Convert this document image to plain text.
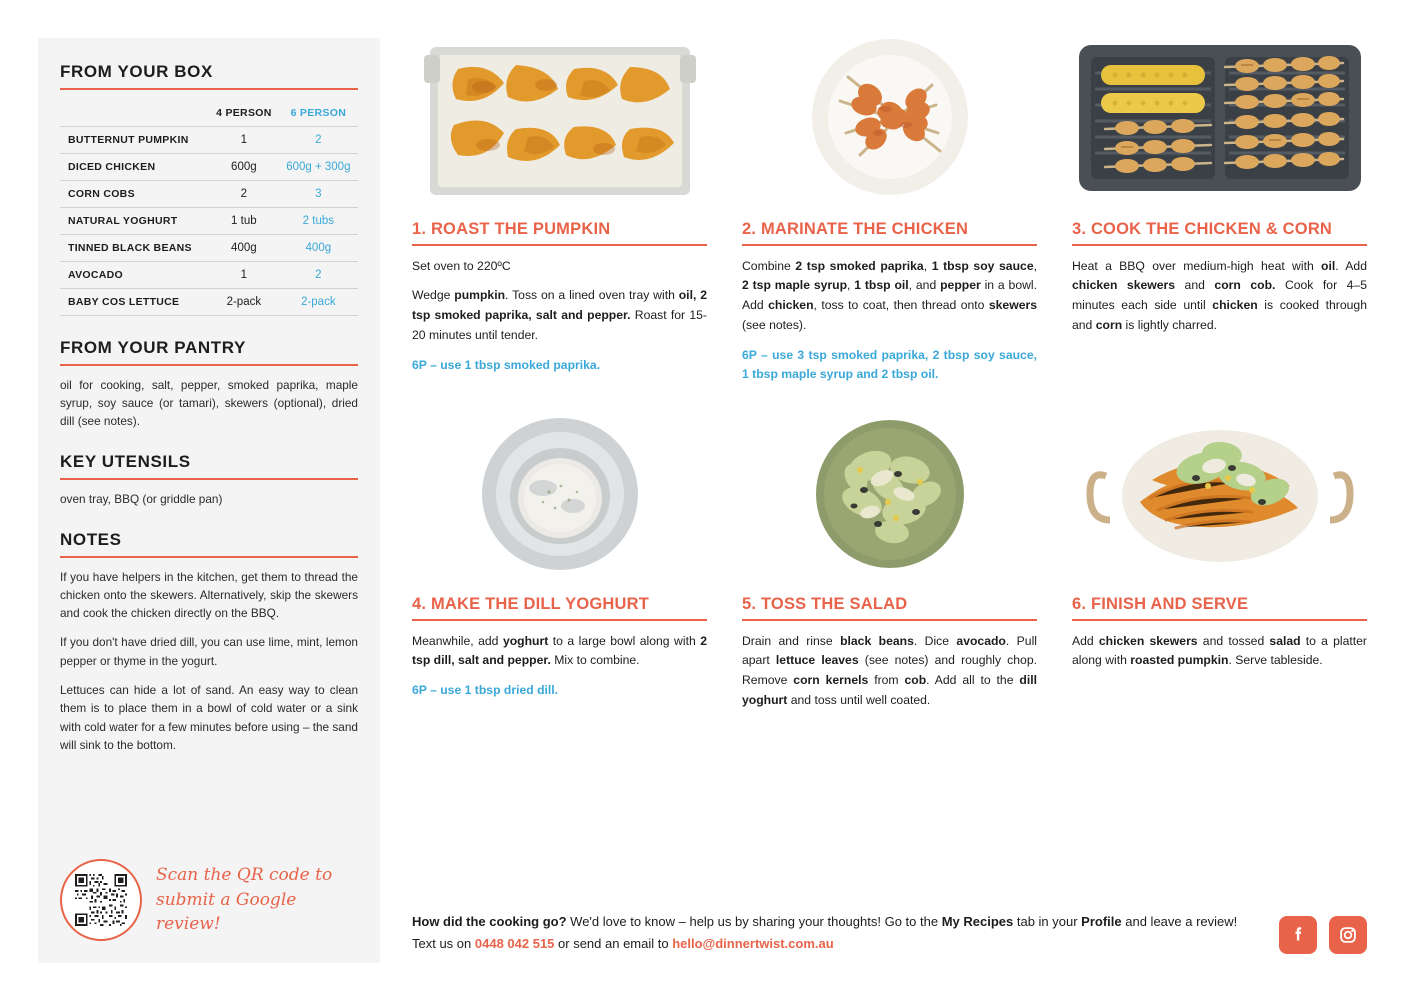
FROM YOUR BOX
	4 PERSON	6 PERSON
BUTTERNUT PUMPKIN	1	2
DICED CHICKEN	600g	600g + 300g
CORN COBS	2	3
NATURAL YOGHURT	1 tub	2 tubs
TINNED BLACK BEANS	400g	400g
AVOCADO	1	2
BABY COS LETTUCE	2-pack	2-pack
FROM YOUR PANTRY

oil for cooking, salt, pepper, smoked paprika, maple syrup, soy sauce (or tamari), skewers (optional), dried dill (see notes).

KEY UTENSILS

oven tray, BBQ (or griddle pan)

NOTES

If you have helpers in the kitchen, get them to thread the chicken onto the skewers. Alternatively, skip the skewers and cook the chicken directly on the BBQ.

If you don't have dried dill, you can use lime, mint, lemon pepper or thyme in the yogurt.

Lettuces can hide a lot of sand. An easy way to clean them is to place them in a bowl of cold water or a sink with cold water for a few minutes before using – the sand will sink to the bottom.

Scan the QR code to
submit a Google review!
1. ROAST THE PUMPKIN

Set oven to 220ºC

Wedge pumpkin. Toss on a lined oven tray with oil, 2 tsp smoked paprika, salt and pepper. Roast for 15-20 minutes until tender.

6P – use 1 tbsp smoked paprika.
2. MARINATE THE CHICKEN

Combine 2 tsp smoked paprika, 1 tbsp soy sauce, 2 tsp maple syrup, 1 tbsp oil, and pepper in a bowl. Add chicken, toss to coat, then thread onto skewers (see notes).

6P – use 3 tsp smoked paprika, 2 tbsp soy sauce, 1 tbsp maple syrup and 2 tbsp oil.
3. COOK THE CHICKEN & CORN

Heat a BBQ over medium-high heat with oil. Add chicken skewers and corn cob. Cook for 4–5 minutes each side until chicken is cooked through and corn is lightly charred.

4. MAKE THE DILL YOGHURT

Meanwhile, add yoghurt to a large bowl along with 2 tsp dill, salt and pepper. Mix to combine.

6P – use 1 tbsp dried dill.
5. TOSS THE SALAD

Drain and rinse black beans. Dice avocado. Pull apart lettuce leaves (see notes) and roughly chop. Remove corn kernels from cob. Add all to the dill yoghurt and toss until well coated.

6. FINISH AND SERVE

Add chicken skewers and tossed salad to a platter along with roasted pumpkin. Serve tableside.

How did the cooking go? We'd love to know – help us by sharing your thoughts! Go to the My Recipes tab in your Profile and leave a review! Text us on 0448 042 515 or send an email to hello@dinnertwist.com.au
